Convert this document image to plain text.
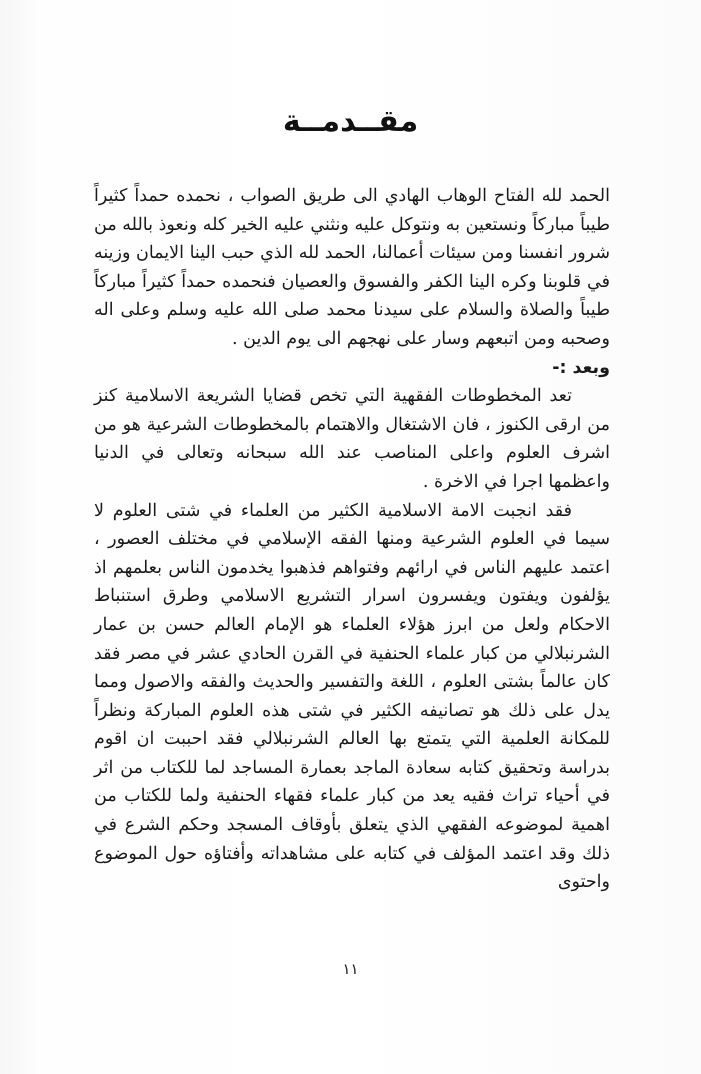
مقــدمــة

الحمد لله الفتاح الوهاب الهادي الى طريق الصواب ، نحمده حمداً كثيراً طيباً مباركاً ونستعين به ونتوكل عليه ونثني عليه الخير كله ونعوذ بالله من شرور انفسنا ومن سيئات أعمالنا، الحمد لله الذي حبب الينا الايمان وزينه في قلوبنا وكره الينا الكفر والفسوق والعصيان فنحمده حمداً كثيراً مباركاً طيباً والصلاة والسلام على سيدنا محمد صلى الله عليه وسلم وعلى اله وصحبه ومن اتبعهم وسار على نهجهم الى يوم الدين .

وبعد :-

تعد المخطوطات الفقهية التي تخص قضايا الشريعة الاسلامية كنز من ارقى الكنوز ، فان الاشتغال والاهتمام بالمخطوطات الشرعية هو من اشرف العلوم واعلى المناصب عند الله سبحانه وتعالى في الدنيا واعظمها اجرا في الاخرة .

فقد انجبت الامة الاسلامية الكثير من العلماء في شتى العلوم لا سيما في العلوم الشرعية ومنها الفقه الإسلامي في مختلف العصور ، اعتمد عليهم الناس في ارائهم وفتواهم فذهبوا يخدمون الناس بعلمهم اذ يؤلفون ويفتون ويفسرون اسرار التشريع الاسلامي وطرق استنباط الاحكام ولعل من ابرز هؤلاء العلماء هو الإمام العالم حسن بن عمار الشرنبلالي من كبار علماء الحنفية في القرن الحادي عشر في مصر فقد كان عالماً بشتى العلوم ، اللغة والتفسير والحديث والفقه والاصول ومما يدل على ذلك هو تصانيفه الكثير في شتى هذه العلوم المباركة ونظراً للمكانة العلمية التي يتمتع بها العالم الشرنبلالي فقد احببت ان اقوم بدراسة وتحقيق كتابه سعادة الماجد بعمارة المساجد لما للكتاب من اثر في أحياء تراث فقيه يعد من كبار علماء فقهاء الحنفية ولما للكتاب من اهمية لموضوعه الفقهي الذي يتعلق بأوقاف المسجد وحكم الشرع في ذلك وقد اعتمد المؤلف في كتابه على مشاهداته وأفتاؤه حول الموضوع واحتوى

١١
